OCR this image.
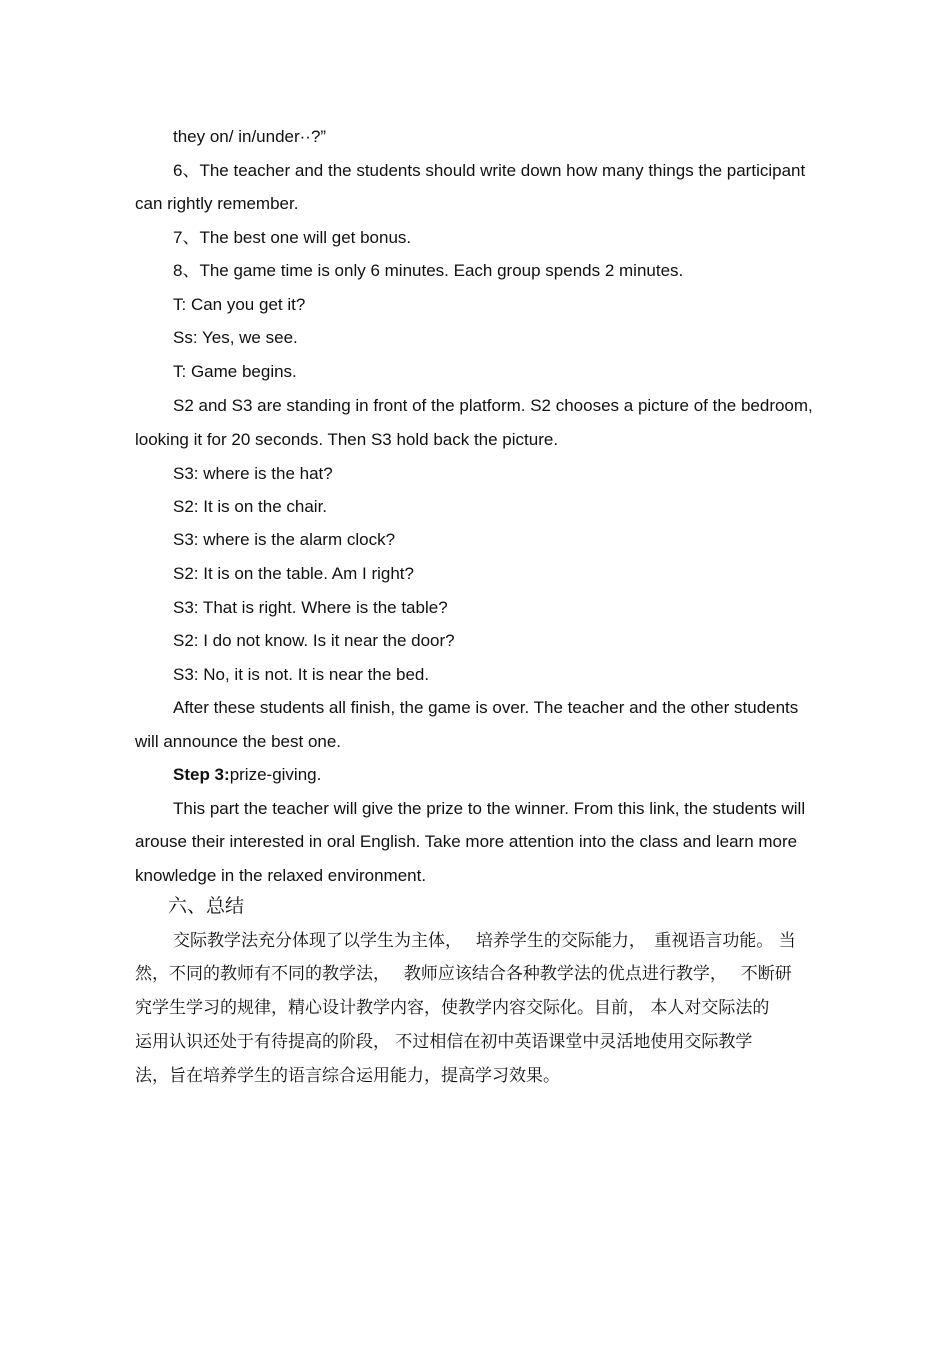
they on/ in/under··?”
6、The teacher and the students should write down how many things the participant
can rightly remember.
7、The best one will get bonus.
8、The game time is only 6 minutes. Each group spends 2 minutes.
T: Can you get it?
Ss: Yes, we see.
T: Game begins.
S2 and S3 are standing in front of the platform. S2 chooses a picture of the bedroom,
looking it for 20 seconds. Then S3 hold back the picture.
S3: where is the hat?
S2: It is on the chair.
S3: where is the alarm clock?
S2: It is on the table. Am I right?
S3: That is right. Where is the table?
S2: I do not know. Is it near the door?
S3: No, it is not. It is near the bed.
After these students all finish, the game is over. The teacher and the other students
will announce the best one.
Step 3:prize-giving.
This part the teacher will give the prize to the winner. From this link, the students will
arouse their interested in oral English. Take more attention into the class and learn more
knowledge in the relaxed environment.
六、总结
交际教学法充分体现了以学生为主体，　 培养学生的交际能力，　重视语言功能。 当
然，不同的教师有不同的教学法，　 教师应该结合各种教学法的优点进行教学，　 不断研
究学生学习的规律，精心设计教学内容，使教学内容交际化。目前， 本人对交际法的
运用认识还处于有待提高的阶段， 不过相信在初中英语课堂中灵活地使用交际教学
法，旨在培养学生的语言综合运用能力，提高学习效果。
